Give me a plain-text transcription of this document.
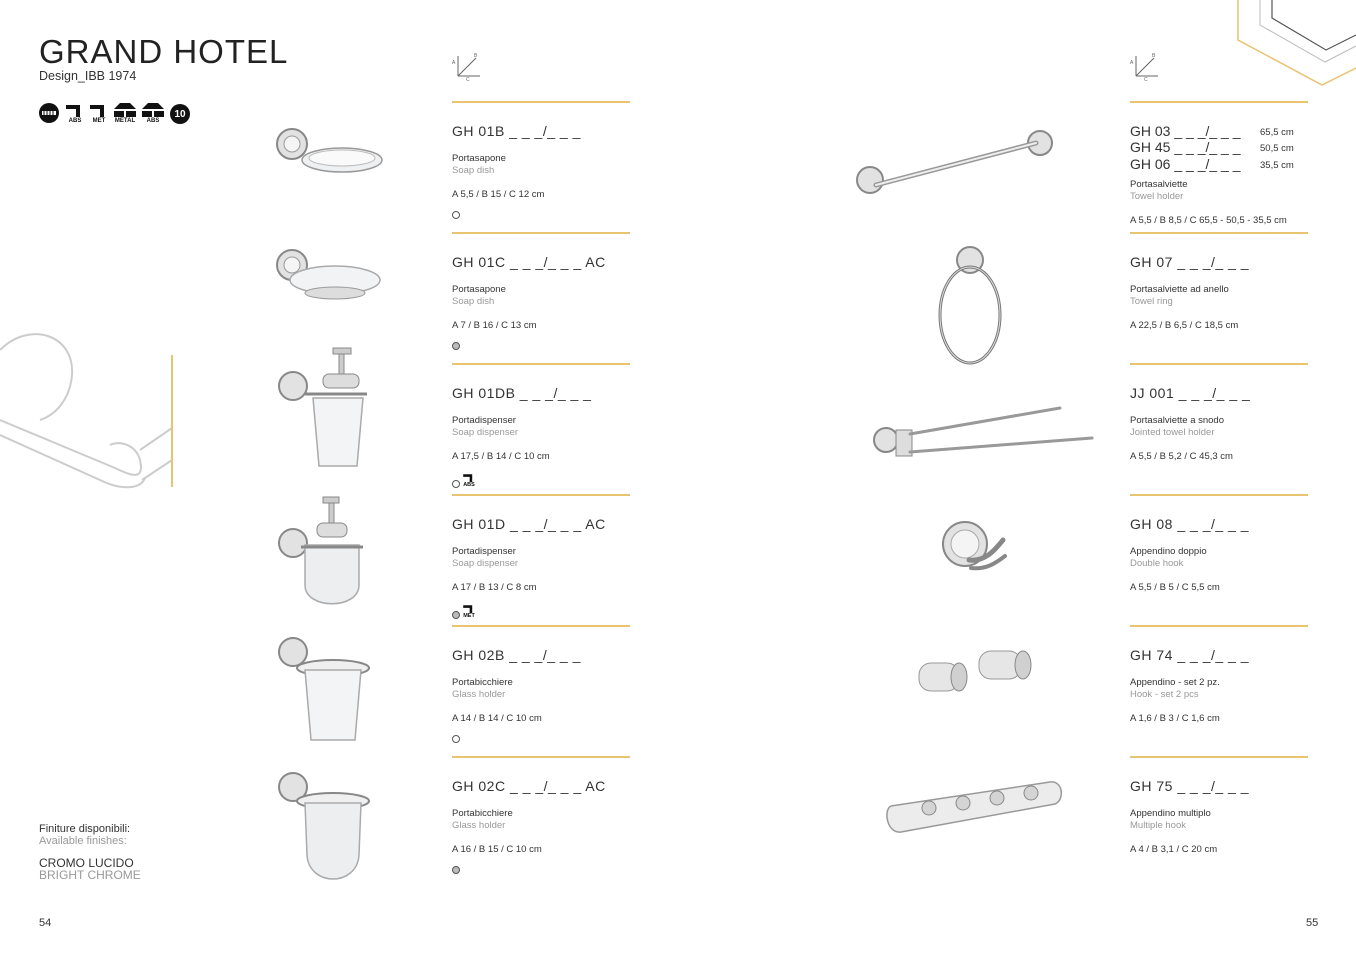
GRAND HOTEL
Design_IBB 1974
ABS MET METAL ABS
10
Finiture disponibili:
Available finishes:
CROMO LUCIDO
BRIGHT CHROME
54	55
A
B
C
A
B
C
GH 01B _ _ _/_ _ _
Portasapone
Soap dish
A 5,5 / B 15 / C 12 cm
GH 01C _ _ _/_ _ _ AC
Portasapone
Soap dish
A 7 / B 16 / C 13 cm
GH 01DB _ _ _/_ _ _
Portadispenser
Soap dispenser
A 17,5 / B 14 / C 10 cm
ABS
GH 01D _ _ _/_ _ _ AC
Portadispenser
Soap dispenser
A 17 / B 13 / C 8 cm
MET
GH 02B _ _ _/_ _ _
Portabicchiere
Glass holder
A 14 / B 14 / C 10 cm
GH 02C _ _ _/_ _ _ AC
Portabicchiere
Glass holder
A 16 / B 15 / C 10 cm
GH 03 _ _ _/_ _ _ 65,5 cm
GH 45 _ _ _/_ _ _ 50,5 cm
GH 06 _ _ _/_ _ _ 35,5 cm
Portasalviette
Towel holder
A 5,5 / B 8,5 / C 65,5 - 50,5 - 35,5 cm
GH 07 _ _ _/_ _ _
Portasalviette ad anello
Towel ring
A 22,5 / B 6,5 / C 18,5 cm
JJ 001 _ _ _/_ _ _
Portasalviette a snodo
Jointed towel holder
A 5,5 / B 5,2 / C 45,3 cm
GH 08 _ _ _/_ _ _
Appendino doppio
Double hook
A 5,5 / B 5 / C 5,5 cm
GH 74 _ _ _/_ _ _
Appendino - set 2 pz.
Hook - set 2 pcs
A 1,6 / B 3 / C 1,6 cm
GH 75 _ _ _/_ _ _
Appendino multiplo
Multiple hook
A 4 / B 3,1 / C 20 cm
